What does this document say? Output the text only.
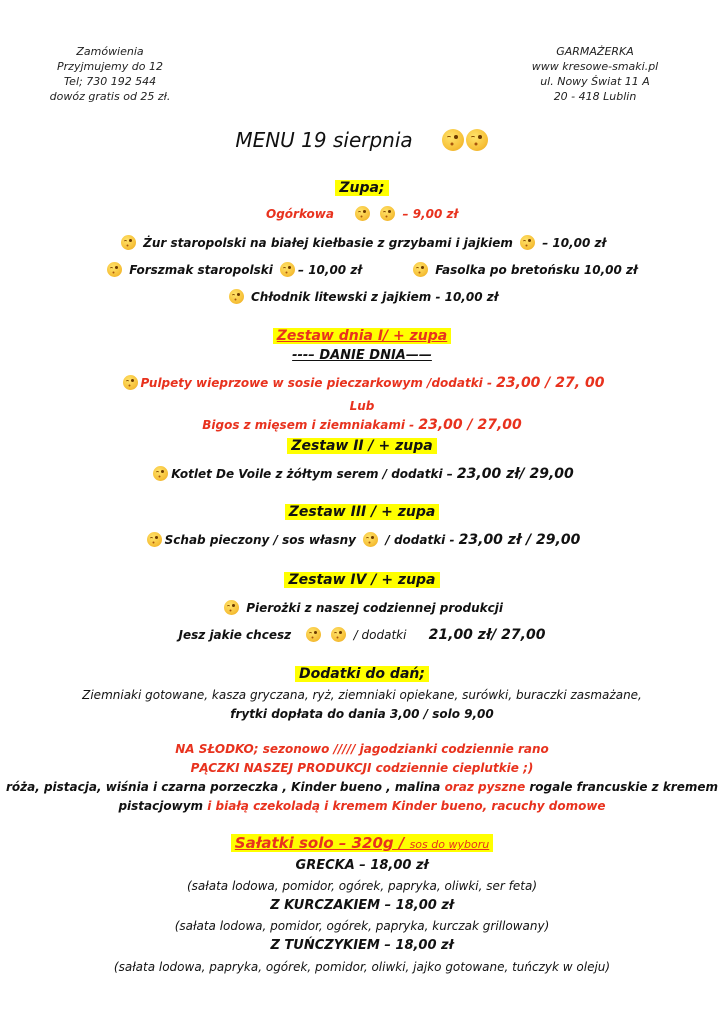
Zamówienia
Przyjmujemy do 12
Tel; 730 192 544
dowóz gratis od 25 zł.
GARMAŻERKA
www kresowe-smaki.pl
ul. Nowy Świat 11 A
20 - 418 Lublin
MENU 19 sierpnia
Zupa;
Ogórkowa	– 9,00 zł
Żur staropolski na białej kiełbasie z grzybami i jajkiem – 10,00 zł
Forszmak staropolski – 10,00 zł	Fasolka po bretońsku 10,00 zł
Chłodnik litewski z jajkiem - 10,00 zł
Zestaw dnia I/ + zupa
---– DANIE DNIA——
Pulpety wieprzowe w sosie pieczarkowym /dodatki - 23,00 / 27, 00
Lub
Bigos z mięsem i ziemniakami - 23,00 / 27,00
Zestaw II / + zupa
Kotlet De Voile z żółtym serem / dodatki – 23,00 zł/ 29,00
Zestaw III / + zupa
Schab pieczony / sos własny  / dodatki - 23,00 zł / 29,00
Zestaw IV / + zupa
Pierożki z naszej codziennej produkcji
Jesz jakie chcesz	/ dodatki 21,00 zł/ 27,00
Dodatki do dań;
Ziemniaki gotowane, kasza gryczana, ryż, ziemniaki opiekane, surówki, buraczki zasmażane,
frytki dopłata do dania 3,00 / solo 9,00
NA SŁODKO; sezonowo ///// jagodzianki codziennie rano
PĄCZKI NASZEJ PRODUKCJI codziennie cieplutkie ;)
róża, pistacja, wiśnia i czarna porzeczka , Kinder bueno , malina oraz pyszne rogale francuskie z kremem
pistacjowym i białą czekoladą i kremem Kinder bueno, racuchy domowe
Sałatki solo – 320g / sos do wyboru
GRECKA – 18,00 zł
(sałata lodowa, pomidor, ogórek, papryka, oliwki, ser feta)
Z KURCZAKIEM – 18,00 zł
(sałata lodowa, pomidor, ogórek, papryka, kurczak grillowany)
Z TUŃCZYKIEM – 18,00 zł
(sałata lodowa, papryka, ogórek, pomidor, oliwki, jajko gotowane, tuńczyk w oleju)
